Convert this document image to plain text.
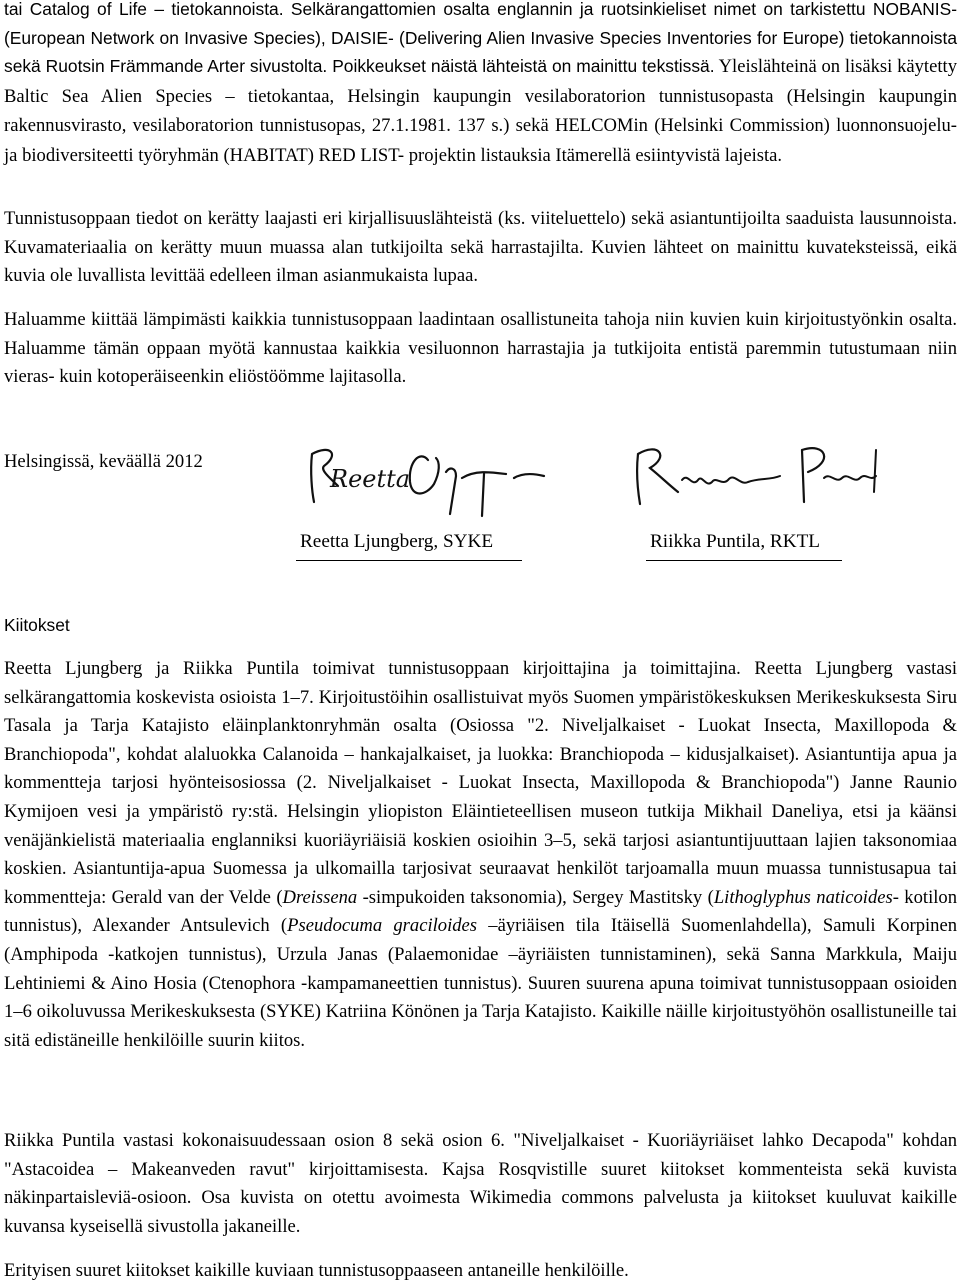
tai Catalog of Life – tietokannoista. Selkärangattomien osalta englannin ja ruotsinkieliset nimet on tarkistettu NOBANIS- (European Network on Invasive Species), DAISIE- (Delivering Alien Invasive Species Inventories for Europe) tietokannoista sekä Ruotsin Främmande Arter sivustolta. Poikkeukset näistä lähteistä on mainittu tekstissä. Yleislähteinä on lisäksi käytetty Baltic Sea Alien Species – tietokantaa, Helsingin kaupungin vesilaboratorion tunnistusopasta (Helsingin kaupungin rakennusvirasto, vesilaboratorion tunnistusopas, 27.1.1981. 137 s.) sekä HELCOMin (Helsinki Commission) luonnonsuojelu- ja biodiversiteetti työryhmän (HABITAT) RED LIST- projektin listauksia Itämerellä esiintyvistä lajeista.

Tunnistusoppaan tiedot on kerätty laajasti eri kirjallisuuslähteistä (ks. viiteluettelo) sekä asiantuntijoilta saaduista lausunnoista. Kuvamateriaalia on kerätty muun muassa alan tutkijoilta sekä harrastajilta. Kuvien lähteet on mainittu kuvateksteissä, eikä kuvia ole luvallista levittää edelleen ilman asianmukaista lupaa.

Haluamme kiittää lämpimästi kaikkia tunnistusoppaan laadintaan osallistuneita tahoja niin kuvien kuin kirjoitustyönkin osalta. Haluamme tämän oppaan myötä kannustaa kaikkia vesiluonnon harrastajia ja tutkijoita entistä paremmin tutustumaan niin vieras- kuin kotoperäiseenkin eliöstöömme lajitasolla.

Helsingissä, keväällä 2012
Reetta
Reetta Ljungberg, SYKE	Riikka Puntila, RKTL
Kiitokset

Reetta Ljungberg ja Riikka Puntila toimivat tunnistusoppaan kirjoittajina ja toimittajina. Reetta Ljungberg vastasi selkärangattomia koskevista osioista 1–7. Kirjoitustöihin osallistuivat myös Suomen ympäristökeskuksen Merikeskuksesta Siru Tasala ja Tarja Katajisto eläinplanktonryhmän osalta (Osiossa "2. Niveljalkaiset - Luokat Insecta, Maxillopoda & Branchiopoda", kohdat alaluokka Calanoida – hankajalkaiset, ja luokka: Branchiopoda – kidusjalkaiset). Asiantuntija apua ja kommentteja tarjosi hyönteisosiossa (2. Niveljalkaiset - Luokat Insecta, Maxillopoda & Branchiopoda") Janne Raunio Kymijoen vesi ja ympäristö ry:stä. Helsingin yliopiston Eläintieteellisen museon tutkija Mikhail Daneliya, etsi ja käänsi venäjänkielistä materiaalia englanniksi kuoriäyriäisiä koskien osioihin 3–5, sekä tarjosi asiantuntijuuttaan lajien taksonomiaa koskien. Asiantuntija-apua Suomessa ja ulkomailla tarjosivat seuraavat henkilöt tarjoamalla muun muassa tunnistusapua tai kommentteja: Gerald van der Velde (Dreissena -simpukoiden taksonomia), Sergey Mastitsky (Lithoglyphus naticoides- kotilon tunnistus), Alexander Antsulevich (Pseudocuma graciloides –äyriäisen tila Itäisellä Suomenlahdella), Samuli Korpinen (Amphipoda -katkojen tunnistus), Urzula Janas (Palaemonidae –äyriäisten tunnistaminen), sekä Sanna Markkula, Maiju Lehtiniemi & Aino Hosia (Ctenophora -kampamaneettien tunnistus). Suuren suurena apuna toimivat tunnistusoppaan osioiden 1–6 oikoluvussa Merikeskuksesta (SYKE) Katriina Könönen ja Tarja Katajisto. Kaikille näille kirjoitustyöhön osallistuneille tai sitä edistäneille henkilöille suurin kiitos.

Riikka Puntila vastasi kokonaisuudessaan osion 8 sekä osion 6. "Niveljalkaiset - Kuoriäyriäiset lahko Decapoda" kohdan "Astacoidea – Makeanveden ravut" kirjoittamisesta. Kajsa Rosqvistille suuret kiitokset kommenteista sekä kuvista näkinpartaisleviä-osioon. Osa kuvista on otettu avoimesta Wikimedia commons palvelusta ja kiitokset kuuluvat kaikille kuvansa kyseisellä sivustolla jakaneille.

Erityisen suuret kiitokset kaikille kuviaan tunnistusoppaaseen antaneille henkilöille.
